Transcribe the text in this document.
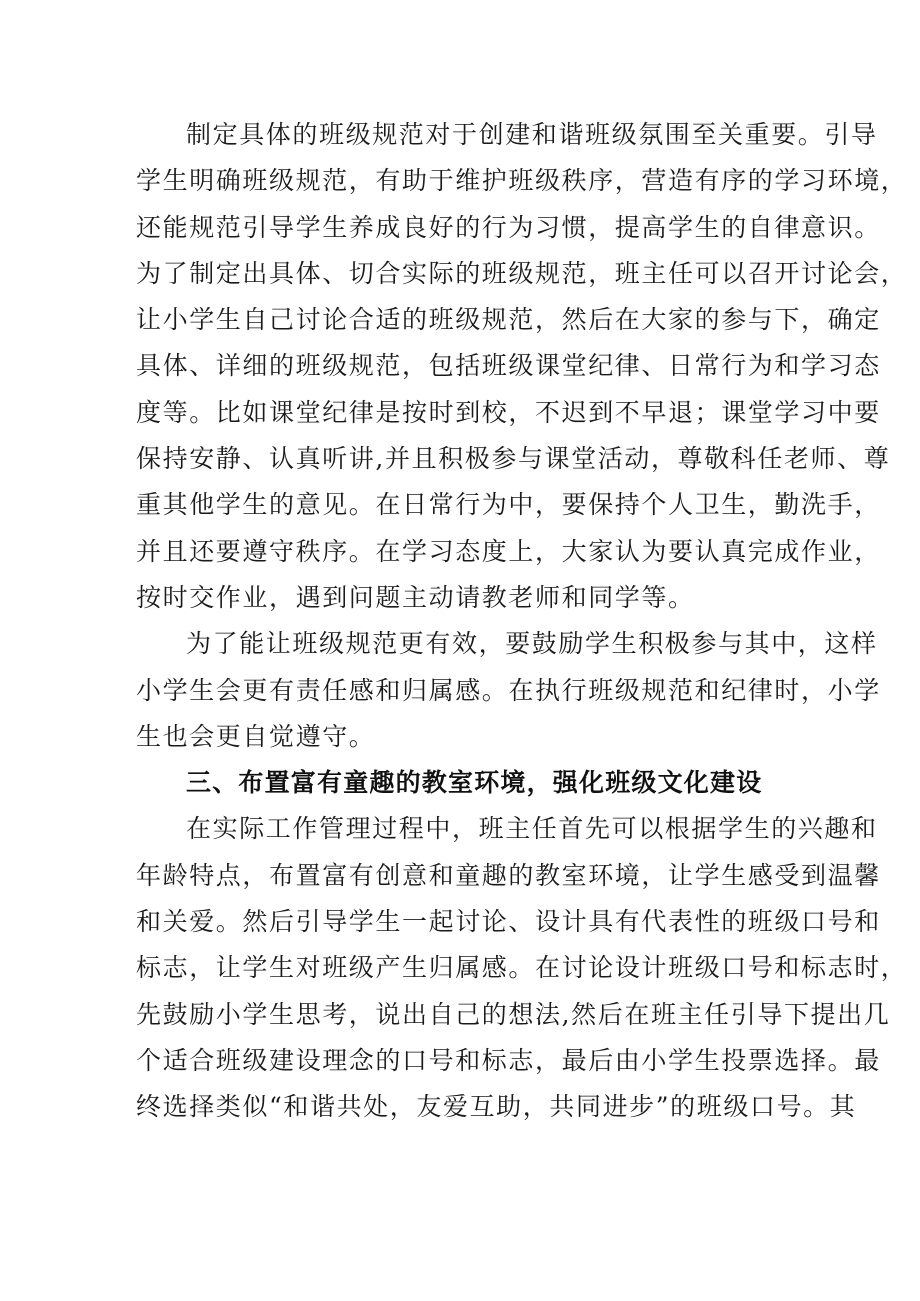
制定具体的班级规范对于创建和谐班级氛围至关重要。引导
学生明确班级规范，有助于维护班级秩序，营造有序的学习环境，
还能规范引导学生养成良好的行为习惯，提高学生的自律意识。
为了制定出具体、切合实际的班级规范，班主任可以召开讨论会，
让小学生自己讨论合适的班级规范，然后在大家的参与下，确定
具体、详细的班级规范，包括班级课堂纪律、日常行为和学习态
度等。比如课堂纪律是按时到校，不迟到不早退；课堂学习中要
保持安静、认真听讲,并且积极参与课堂活动，尊敬科任老师、尊
重其他学生的意见。在日常行为中，要保持个人卫生，勤洗手，
并且还要遵守秩序。在学习态度上，大家认为要认真完成作业，
按时交作业，遇到问题主动请教老师和同学等。
为了能让班级规范更有效，要鼓励学生积极参与其中，这样
小学生会更有责任感和归属感。在执行班级规范和纪律时，小学
生也会更自觉遵守。
三、布置富有童趣的教室环境，强化班级文化建设
在实际工作管理过程中，班主任首先可以根据学生的兴趣和
年龄特点，布置富有创意和童趣的教室环境，让学生感受到温馨
和关爱。然后引导学生一起讨论、设计具有代表性的班级口号和
标志，让学生对班级产生归属感。在讨论设计班级口号和标志时，
先鼓励小学生思考，说出自己的想法,然后在班主任引导下提出几
个适合班级建设理念的口号和标志，最后由小学生投票选择。最
终选择类似“和谐共处，友爱互助，共同进步”的班级口号。其
